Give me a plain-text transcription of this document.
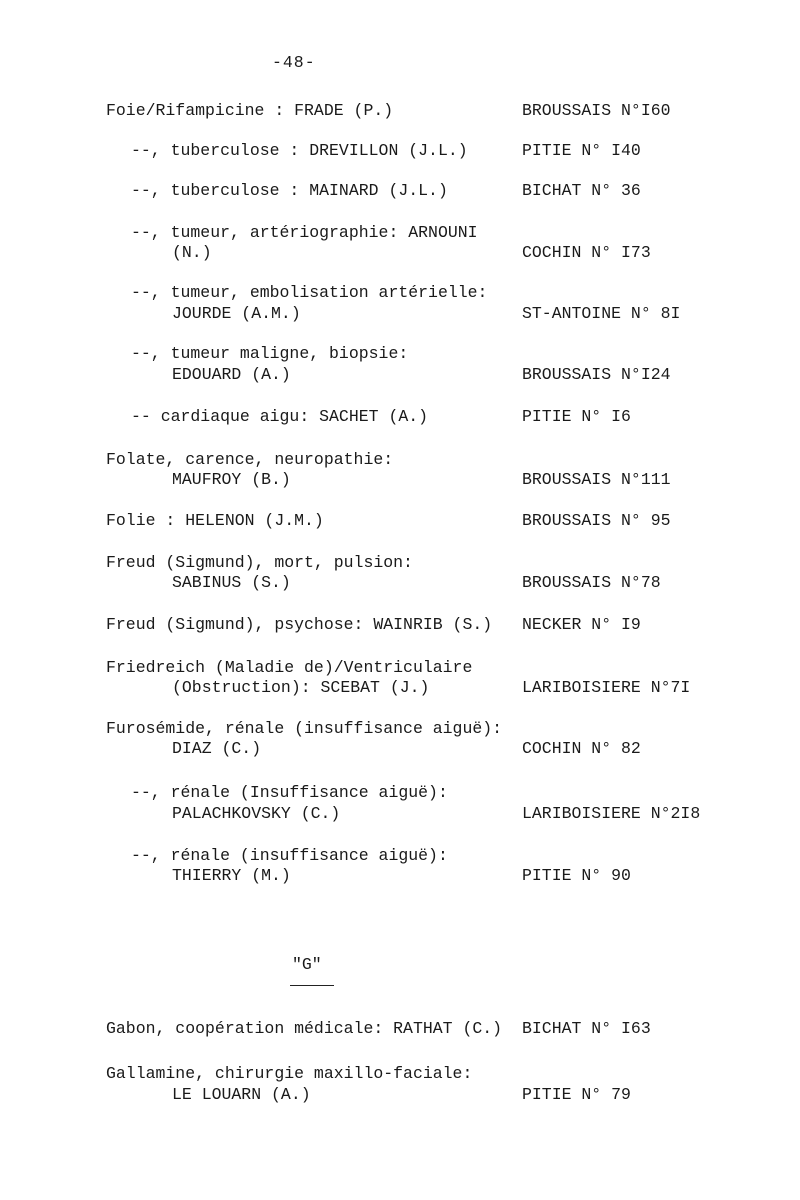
-48-
Foie/Rifampicine : FRADE (P.)	BROUSSAIS N°I60
--, tuberculose : DREVILLON (J.L.)	PITIE N° I40
--, tuberculose : MAINARD (J.L.)	BICHAT N° 36
--, tumeur, artériographie: ARNOUNI
(N.)	COCHIN N° I73
--, tumeur, embolisation artérielle:
JOURDE (A.M.)	ST-ANTOINE N° 8I
--, tumeur maligne, biopsie:
EDOUARD (A.)	BROUSSAIS N°I24
-- cardiaque aigu: SACHET (A.)	PITIE N° I6
Folate, carence, neuropathie:
MAUFROY (B.)	BROUSSAIS N°111
Folie : HELENON (J.M.)	BROUSSAIS N° 95
Freud (Sigmund), mort, pulsion:
SABINUS (S.)	BROUSSAIS N°78
Freud (Sigmund), psychose: WAINRIB (S.) NECKER N° I9
Friedreich (Maladie de)/Ventriculaire
(Obstruction): SCEBAT (J.)	LARIBOISIERE N°7I
Furosémide, rénale (insuffisance aiguë):
DIAZ (C.)	COCHIN N° 82
--, rénale (Insuffisance aiguë):
PALACHKOVSKY (C.)	LARIBOISIERE N°2I8
--, rénale (insuffisance aiguë):
THIERRY (M.)	PITIE N° 90
"G"
Gabon, coopération médicale: RATHAT (C.) BICHAT N° I63
Gallamine, chirurgie maxillo-faciale:
LE LOUARN (A.)	PITIE N° 79
